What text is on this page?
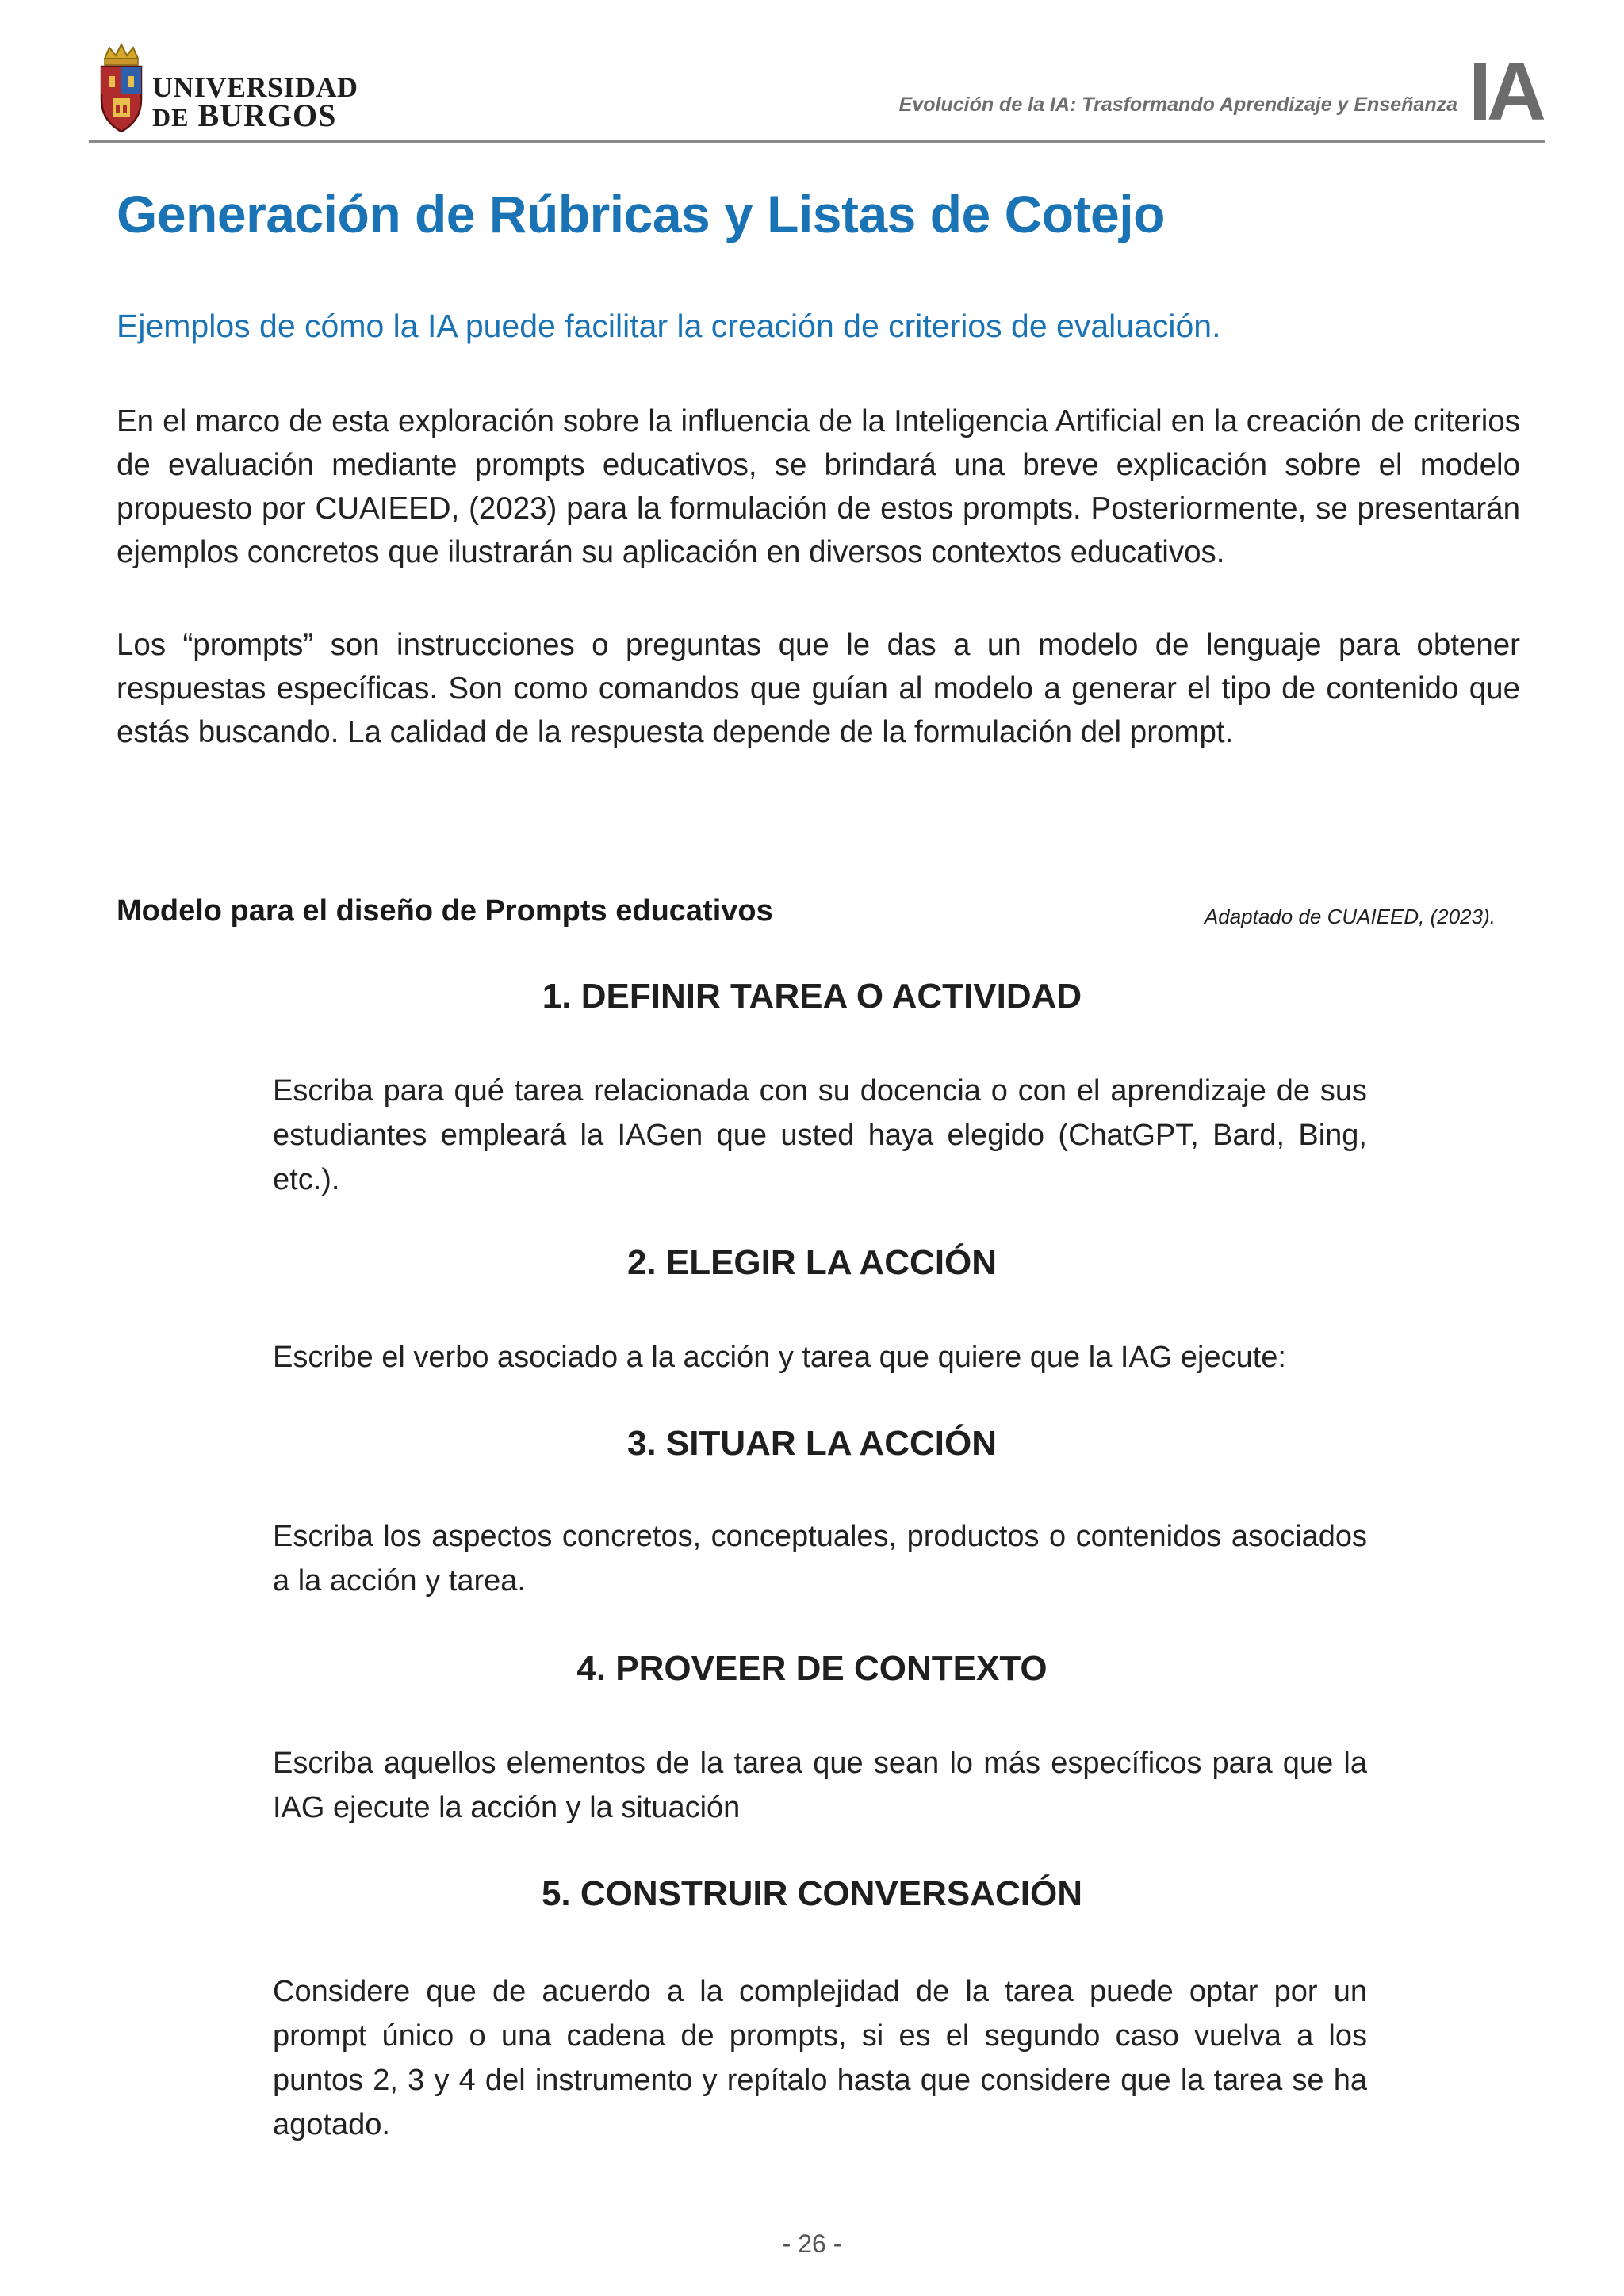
UNIVERSIDAD
DE BURGOS	Evolución de la IA: Trasformando Aprendizaje y Enseñanza IA
Generación de Rúbricas y Listas de Cotejo

Ejemplos de cómo la IA puede facilitar la creación de criterios de evaluación.

En el marco de esta exploración sobre la influencia de la Inteligencia Artificial en la creación de criterios de evaluación mediante prompts educativos, se brindará una breve explicación sobre el modelo propuesto por CUAIEED, (2023) para la formulación de estos prompts. Posteriormente, se presentarán ejemplos concretos que ilustrarán su aplicación en diversos contextos educativos.

Los “prompts” son instrucciones o preguntas que le das a un modelo de lenguaje para obtener respuestas específicas. Son como comandos que guían al modelo a generar el tipo de contenido que estás buscando. La calidad de la respuesta depende de la formulación del prompt.

Modelo para el diseño de Prompts educativos	Adaptado de CUAIEED, (2023).
1. DEFINIR TAREA O ACTIVIDAD

Escriba para qué tarea relacionada con su docencia o con el aprendizaje de sus estudiantes empleará la IAGen que usted haya elegido (ChatGPT, Bard, Bing, etc.).

2. ELEGIR LA ACCIÓN

Escribe el verbo asociado a la acción y tarea que quiere que la IAG ejecute:

3. SITUAR LA ACCIÓN

Escriba los aspectos concretos, conceptuales, productos o contenidos asociados a la acción y tarea.

4. PROVEER DE CONTEXTO

Escriba aquellos elementos de la tarea que sean lo más específicos para que la IAG ejecute la acción y la situación

5. CONSTRUIR CONVERSACIÓN

Considere que de acuerdo a la complejidad de la tarea puede optar por un prompt único o una cadena de prompts, si es el segundo caso vuelva a los puntos 2, 3 y 4 del instrumento y repítalo hasta que considere que la tarea se ha agotado.

- 26 -
